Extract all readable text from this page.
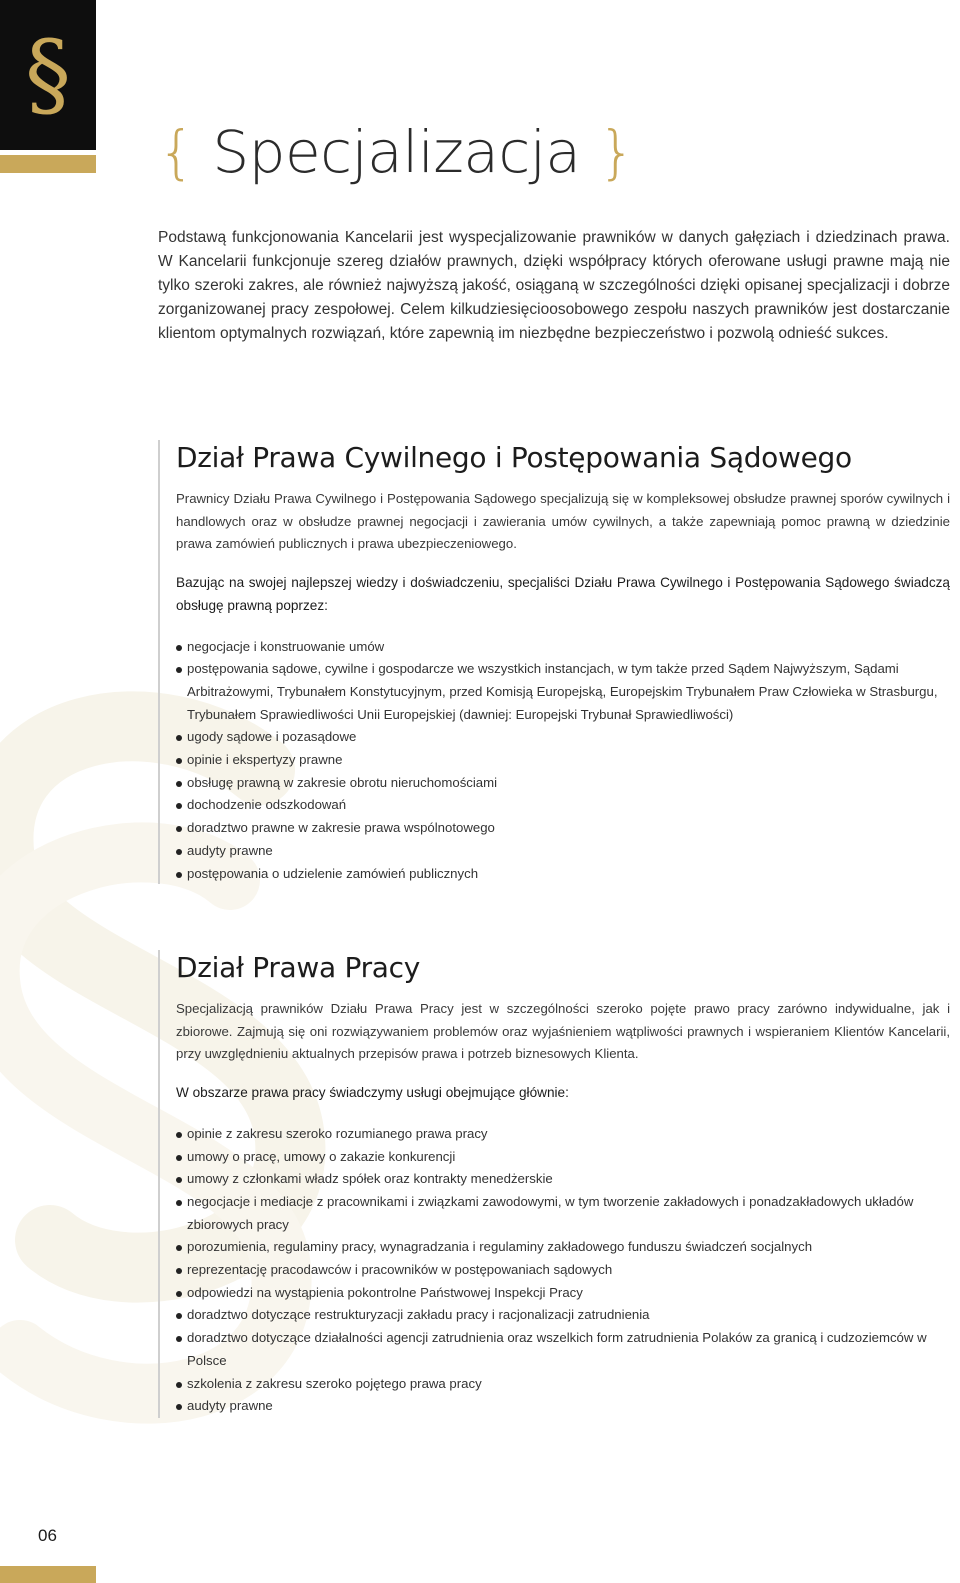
§
{ Specjalizacja }

Podstawą funkcjonowania Kancelarii jest wyspecjalizowanie prawników w danych gałęziach i dziedzinach prawa. W Kancelarii funkcjonuje szereg działów prawnych, dzięki współpracy których oferowane usługi prawne mają nie tylko szeroki zakres, ale również najwyższą jakość, osiąganą w szczególności dzięki opisanej specjalizacji i dobrze zorganizowanej pracy zespołowej. Celem kilkudziesięcioosobowego zespołu naszych prawników jest dostarczanie klientom optymalnych rozwiązań, które zapewnią im niezbędne bezpieczeństwo i pozwolą odnieść sukces.

Dział Prawa Cywilnego i Postępowania Sądowego

Prawnicy Działu Prawa Cywilnego i Postępowania Sądowego specjalizują się w kompleksowej obsłudze prawnej sporów cywilnych i handlowych oraz w obsłudze prawnej negocjacji i zawierania umów cywilnych, a także zapewniają pomoc prawną w dziedzinie prawa zamówień publicznych i prawa ubezpieczeniowego.

Bazując na swojej najlepszej wiedzy i doświadczeniu, specjaliści Działu Prawa Cywilnego i Postępowania Sądowego świadczą obsługę prawną poprzez:

negocjacje i konstruowanie umów
postępowania sądowe, cywilne i gospodarcze we wszystkich instancjach, w tym także przed Sądem Najwyższym, Sądami Arbitrażowymi, Trybunałem Konstytucyjnym, przed Komisją Europejską, Europejskim Trybunałem Praw Człowieka w Strasburgu, Trybunałem Sprawiedliwości Unii Europejskiej (dawniej: Europejski Trybunał Sprawiedliwości)
ugody sądowe i pozasądowe
opinie i ekspertyzy prawne
obsługę prawną w zakresie obrotu nieruchomościami
dochodzenie odszkodowań
doradztwo prawne w zakresie prawa wspólnotowego
audyty prawne
postępowania o udzielenie zamówień publicznych
Dział Prawa Pracy

Specjalizacją prawników Działu Prawa Pracy jest w szczególności szeroko pojęte prawo pracy zarówno indywidualne, jak i zbiorowe. Zajmują się oni rozwiązywaniem problemów oraz wyjaśnieniem wątpliwości prawnych i wspieraniem Klientów Kancelarii, przy uwzględnieniu aktualnych przepisów prawa i potrzeb biznesowych Klienta.

W obszarze prawa pracy świadczymy usługi obejmujące głównie:

opinie z zakresu szeroko rozumianego prawa pracy
umowy o pracę, umowy o zakazie konkurencji
umowy z członkami władz spółek oraz kontrakty menedżerskie
negocjacje i mediacje z pracownikami i związkami zawodowymi, w tym tworzenie zakładowych i ponadzakładowych układów zbiorowych pracy
porozumienia, regulaminy pracy, wynagradzania i regulaminy zakładowego funduszu świadczeń socjalnych
reprezentację pracodawców i pracowników w postępowaniach sądowych
odpowiedzi na wystąpienia pokontrolne Państwowej Inspekcji Pracy
doradztwo dotyczące restrukturyzacji zakładu pracy i racjonalizacji zatrudnienia
doradztwo dotyczące działalności agencji zatrudnienia oraz wszelkich form zatrudnienia Polaków za granicą i cudzoziemców w Polsce
szkolenia z zakresu szeroko pojętego prawa pracy
audyty prawne
06
